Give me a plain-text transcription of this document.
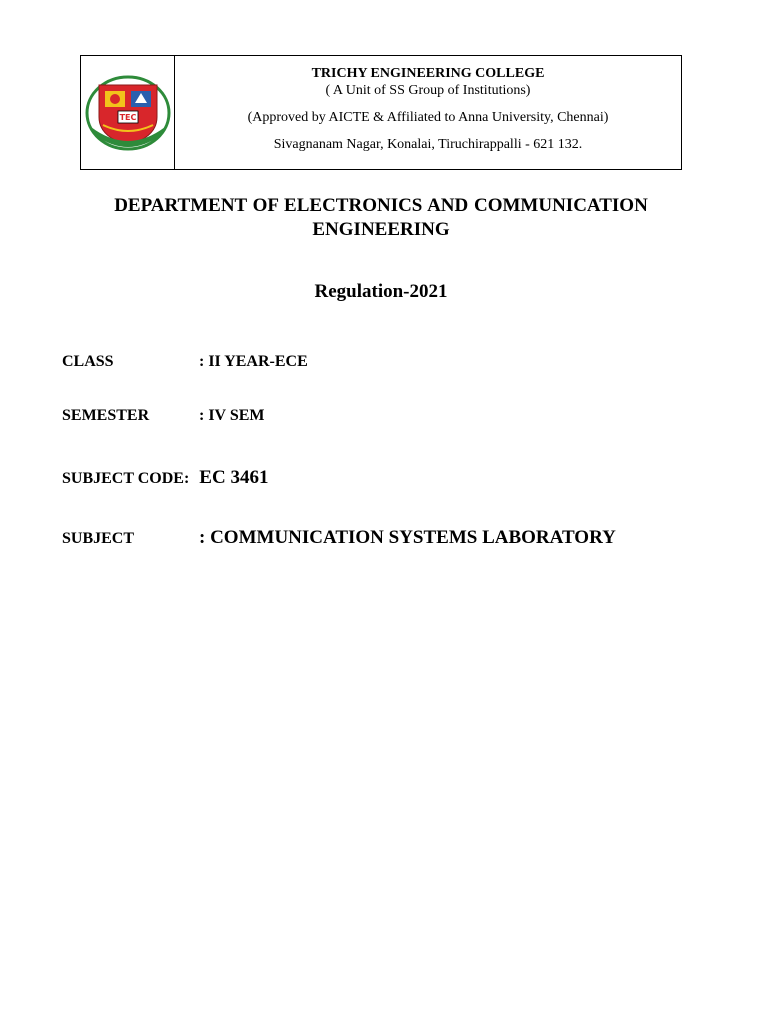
TEC
TRICHY ENGINEERING COLLEGE
( A Unit of SS Group of Institutions)
(Approved by AICTE & Affiliated to Anna University, Chennai)
Sivagnanam Nagar, Konalai, Tiruchirappalli - 621 132.
DEPARTMENT OF ELECTRONICS AND COMMUNICATION
ENGINEERING
Regulation-2021
CLASS	: II YEAR-ECE
SEMESTER	: IV SEM
SUBJECT CODE: EC 3461
SUBJECT	: COMMUNICATION SYSTEMS LABORATORY
